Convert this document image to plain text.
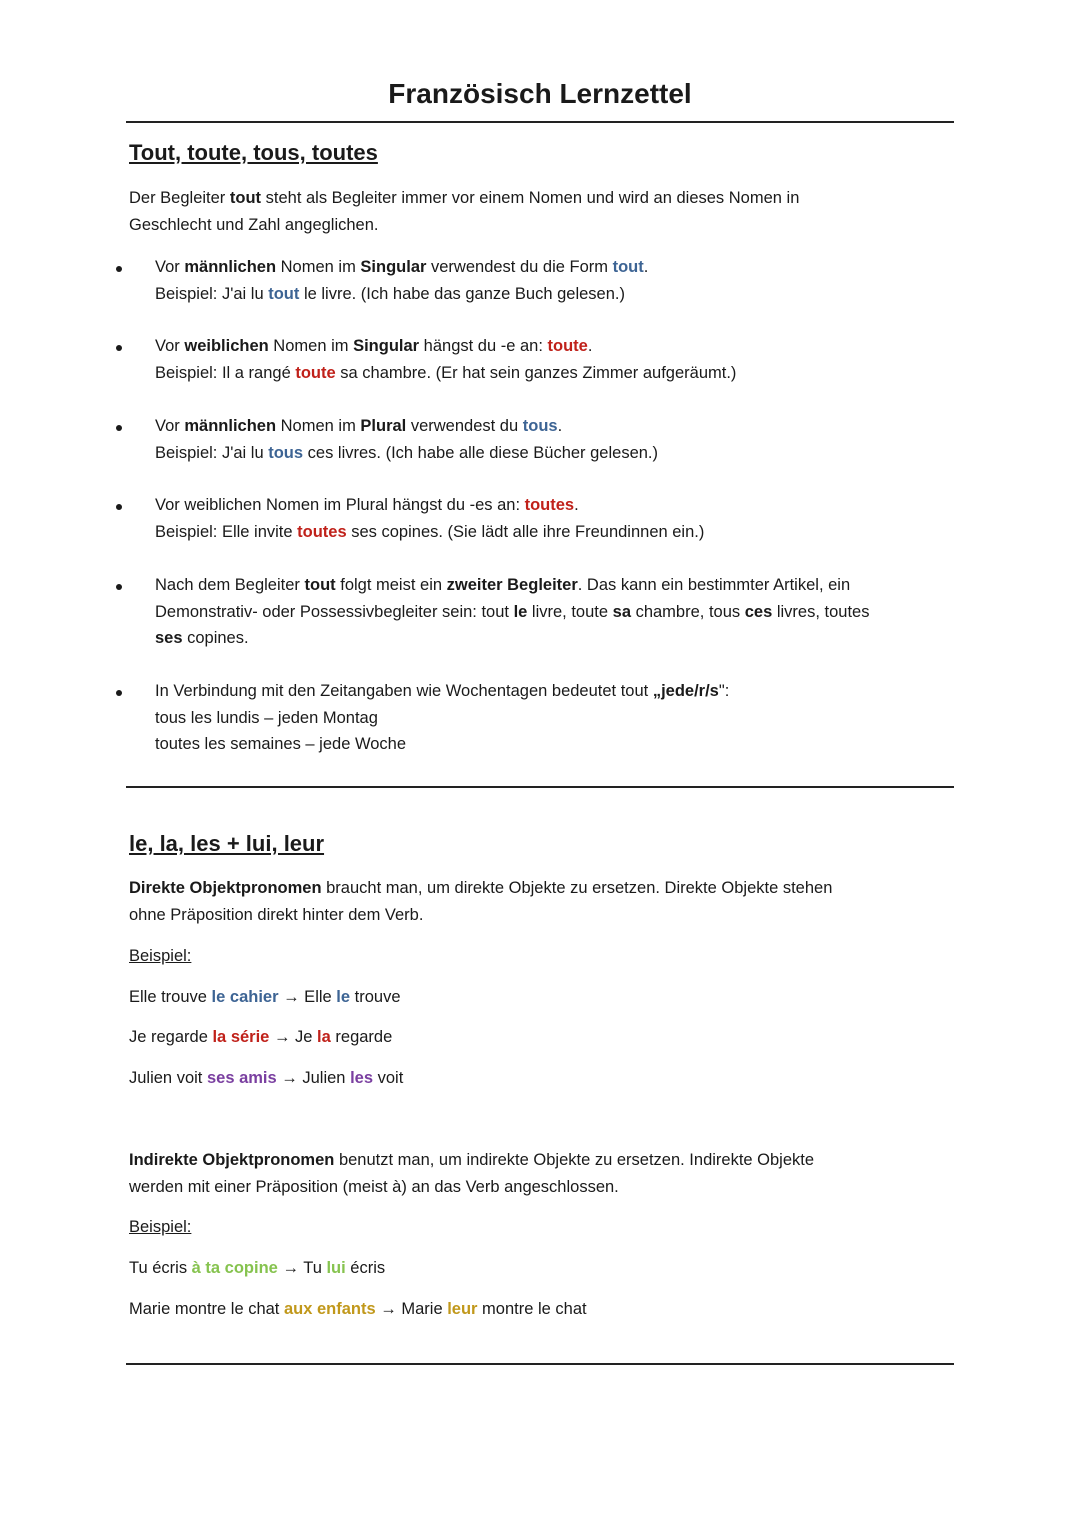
Französisch Lernzettel
Tout, toute, tous, toutes

Der Begleiter tout steht als Begleiter immer vor einem Nomen und wird an dieses Nomen in
Geschlecht und Zahl angeglichen.

Vor männlichen Nomen im Singular verwendest du die Form tout.
Beispiel: J'ai lu tout le livre. (Ich habe das ganze Buch gelesen.)
Vor weiblichen Nomen im Singular hängst du -e an: toute.
Beispiel: Il a rangé toute sa chambre. (Er hat sein ganzes Zimmer aufgeräumt.)
Vor männlichen Nomen im Plural verwendest du tous.
Beispiel: J'ai lu tous ces livres. (Ich habe alle diese Bücher gelesen.)
Vor weiblichen Nomen im Plural hängst du -es an: toutes.
Beispiel: Elle invite toutes ses copines. (Sie lädt alle ihre Freundinnen ein.)
Nach dem Begleiter tout folgt meist ein zweiter Begleiter. Das kann ein bestimmter Artikel, ein
Demonstrativ- oder Possessivbegleiter sein: tout le livre, toute sa chambre, tous ces livres, toutes
ses copines.
In Verbindung mit den Zeitangaben wie Wochentagen bedeutet tout „jede/r/s":
tous les lundis – jeden Montag
toutes les semaines – jede Woche
le, la, les + lui, leur

Direkte Objektpronomen braucht man, um direkte Objekte zu ersetzen. Direkte Objekte stehen
ohne Präposition direkt hinter dem Verb.

Beispiel:

Elle trouve le cahier → Elle le trouve

Je regarde la série → Je la regarde

Julien voit ses amis → Julien les voit

Indirekte Objektpronomen benutzt man, um indirekte Objekte zu ersetzen. Indirekte Objekte
werden mit einer Präposition (meist à) an das Verb angeschlossen.

Beispiel:

Tu écris à ta copine → Tu lui écris

Marie montre le chat aux enfants → Marie leur montre le chat
